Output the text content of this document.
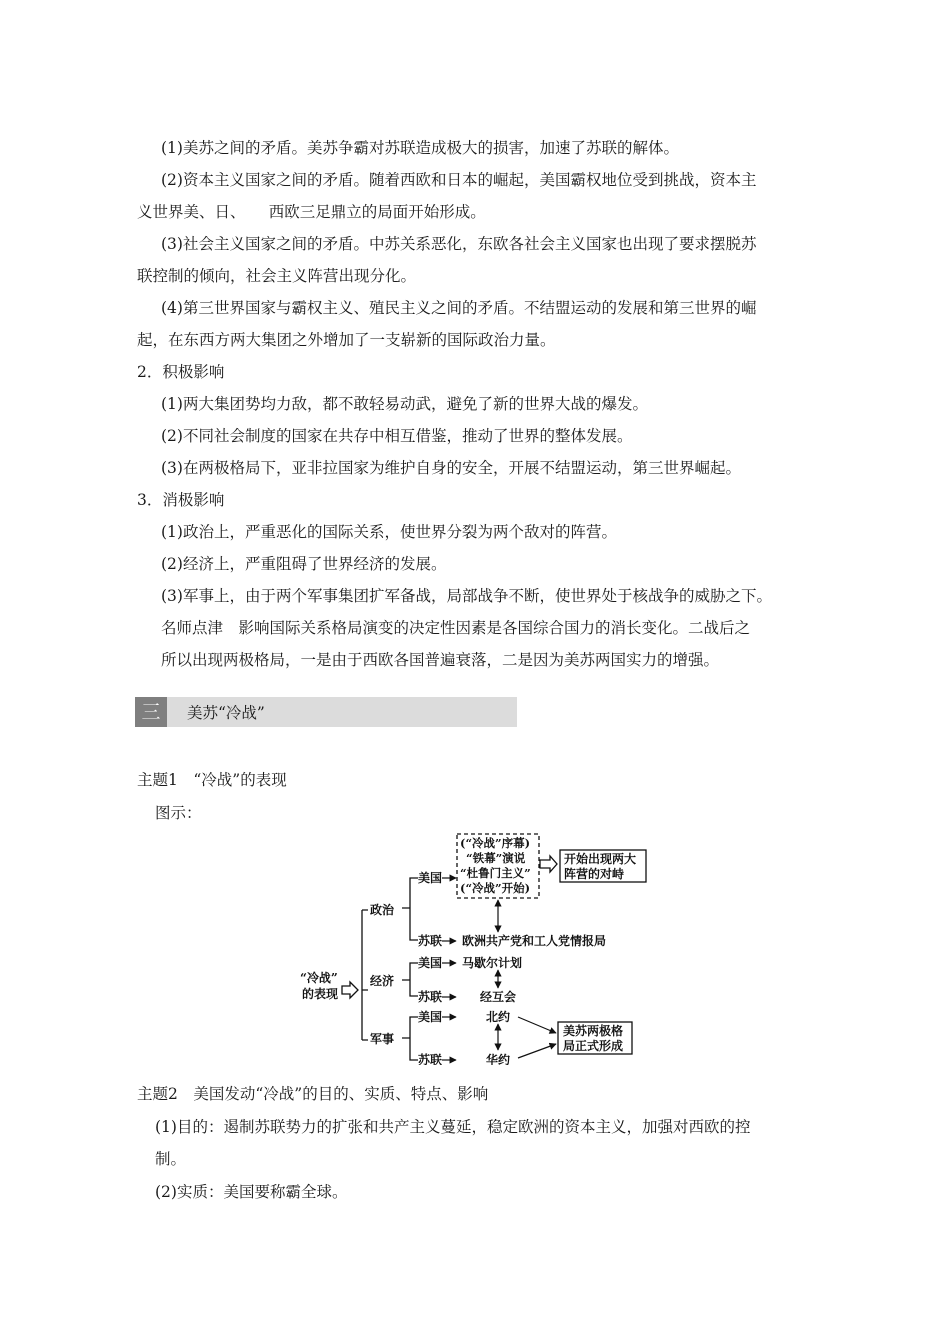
(1)美苏之间的矛盾。美苏争霸对苏联造成极大的损害，加速了苏联的解体。
(2)资本主义国家之间的矛盾。随着西欧和日本的崛起，美国霸权地位受到挑战，资本主
义世界美、日、　　西欧三足鼎立的局面开始形成。
(3)社会主义国家之间的矛盾。中苏关系恶化，东欧各社会主义国家也出现了要求摆脱苏
联控制的倾向，社会主义阵营出现分化。
(4)第三世界国家与霸权主义、殖民主义之间的矛盾。不结盟运动的发展和第三世界的崛
起，在东西方两大集团之外增加了一支崭新的国际政治力量。
2．积极影响
(1)两大集团势均力敌，都不敢轻易动武，避免了新的世界大战的爆发。
(2)不同社会制度的国家在共存中相互借鉴，推动了世界的整体发展。
(3)在两极格局下，亚非拉国家为维护自身的安全，开展不结盟运动，第三世界崛起。
3．消极影响
(1)政治上，严重恶化的国际关系，使世界分裂为两个敌对的阵营。
(2)经济上，严重阻碍了世界经济的发展。
(3)军事上，由于两个军事集团扩军备战，局部战争不断，使世界处于核战争的威胁之下。
名师点津　影响国际关系格局演变的决定性因素是各国综合国力的消长变化。二战后之
所以出现两极格局，一是由于西欧各国普遍衰落，二是因为美苏两国实力的增强。
三	美苏“冷战”
主题1　“冷战”的表现
图示：
“冷战”
的表现
政治
经济
军事
美国
苏联
美国
苏联
美国
苏联
(“冷战”序幕)
“铁幕”演说
“杜鲁门主义”
(“冷战”开始)
开始出现两大
阵营的对峙
欧洲共产党和工人党情报局
马歇尔计划
经互会
北约
华约
美苏两极格
局正式形成
主题2　美国发动“冷战”的目的、实质、特点、影响
(1)目的：遏制苏联势力的扩张和共产主义蔓延，稳定欧洲的资本主义，加强对西欧的控
制。
(2)实质：美国要称霸全球。
